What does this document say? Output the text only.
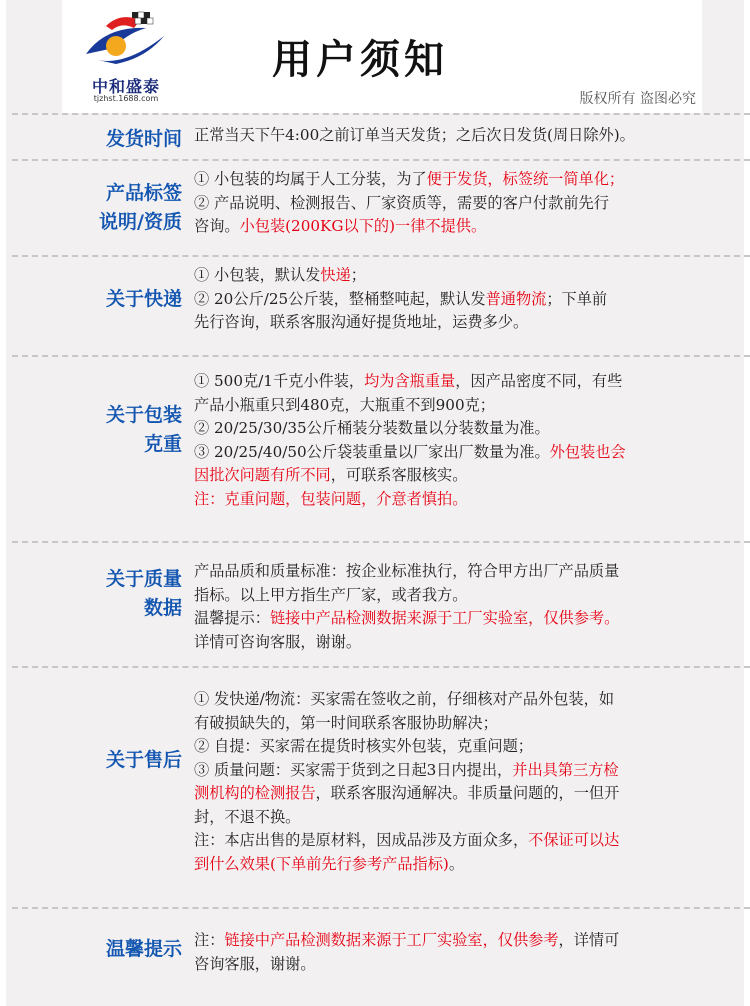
中和盛泰
tjzhst.1688.com
用户须知
版权所有 盗图必究
发货时间 正常当天下午4:00之前订单当天发货；之后次日发货(周日除外)。
产品标签
说明/资质
① 小包装的均属于人工分装，为了便于发货，标签统一简单化；
② 产品说明、检测报告、厂家资质等，需要的客户付款前先行
咨询。小包装(200KG以下的)一律不提供。
关于快递
① 小包装，默认发快递；
② 20公斤/25公斤装，整桶整吨起，默认发普通物流；下单前
先行咨询，联系客服沟通好提货地址，运费多少。
关于包装
克重
① 500克/1千克小件装，均为含瓶重量，因产品密度不同，有些
产品小瓶重只到480克，大瓶重不到900克；
② 20/25/30/35公斤桶装分装数量以分装数量为准。
③ 20/25/40/50公斤袋装重量以厂家出厂数量为准。外包装也会
因批次问题有所不同，可联系客服核实。
注：克重问题，包装问题，介意者慎拍。
关于质量
数据
产品品质和质量标准：按企业标准执行，符合甲方出厂产品质量
指标。以上甲方指生产厂家，或者我方。
温馨提示：链接中产品检测数据来源于工厂实验室，仅供参考。
详情可咨询客服，谢谢。
关于售后
① 发快递/物流：买家需在签收之前，仔细核对产品外包装，如
有破损缺失的，第一时间联系客服协助解决；
② 自提：买家需在提货时核实外包装，克重问题；
③ 质量问题：买家需于货到之日起3日内提出，并出具第三方检
测机构的检测报告，联系客服沟通解决。非质量问题的，一但开
封，不退不换。
注：本店出售的是原材料，因成品涉及方面众多，不保证可以达
到什么效果(下单前先行参考产品指标)。
温馨提示 注：链接中产品检测数据来源于工厂实验室，仅供参考，详情可
咨询客服，谢谢。
